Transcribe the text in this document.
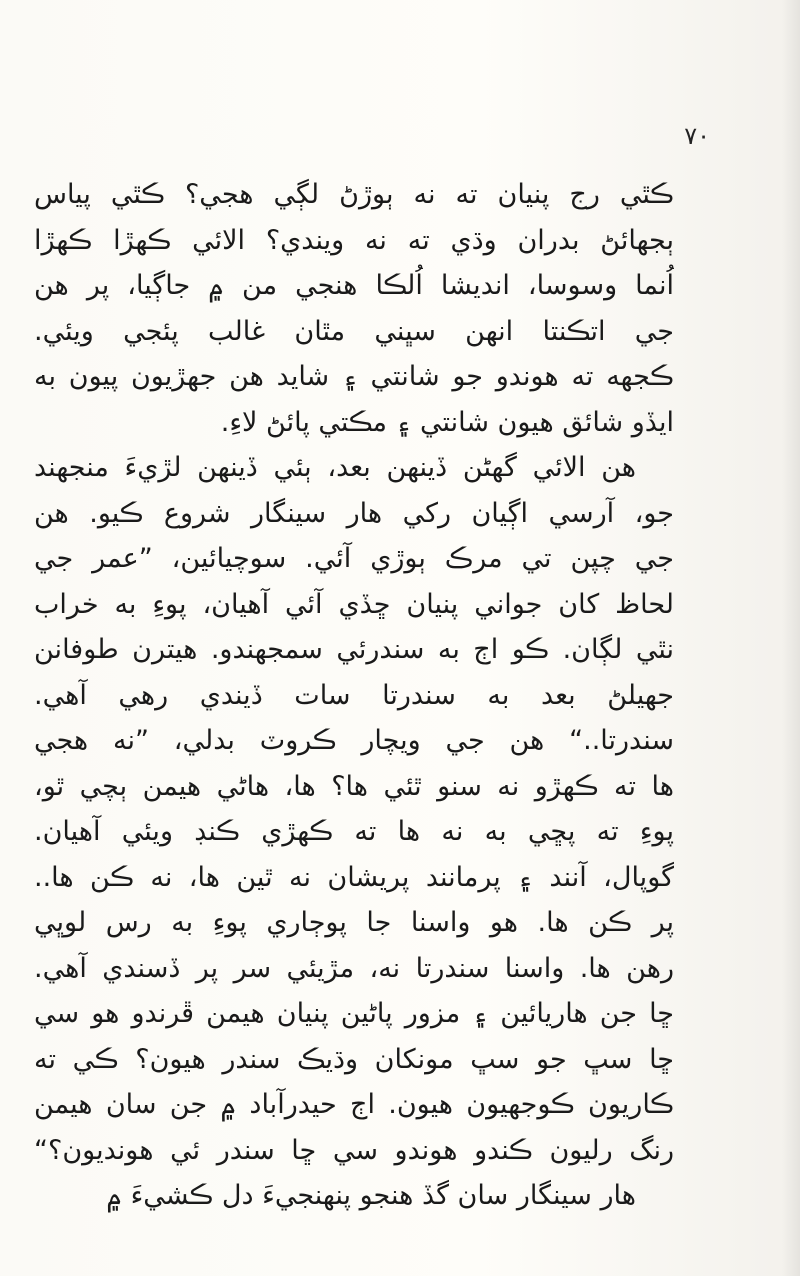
٧٠
ڪٿي رج پنيان ته نه ٻوڙڻ لڳي هجي؟ ڪٿي پياس
ٻجهائڻ بدران وڌي ته نه ويندي؟ الائي ڪهڙا ڪهڙا
اُنما وسوسا، انديشا اُلڪا هنجي من ۾ جاڳيا، پر هن
جي اتڪنتا انهن سڀني مٿان غالب پئجي ويئي.
ڪجهه ته هوندو جو شانتي ۽ شايد هن جهڙيون پيون به
ايڏو شائق هيون شانتي ۽ مڪتي پائڻ لاءِ.
هن الائي گهڻن ڏينهن بعد، ٻئي ڏينهن لڙيءَ منجهند
جو، آرسي اڳيان رکي هار سينگار شروع ڪيو. هن
جي چپن تي مرڪ ٻوڙي آئي. سوچيائين، ”عمر جي
لحاظ کان جواني پنيان ڇڏي آئي آهيان، پوءِ به خراب
نٿي لڳان. ڪو اڄ به سندرئي سمجهندو. هيترن طوفانن
جهيلڻ بعد به سندرتا سات ڏيندي رهي آهي.
سندرتا..“ هن جي ويچار ڪروٽ بدلي، ”نه هجي
ها ته ڪهڙو نه سنو ٿئي ها؟ ها، هاڻي هيمن ٻچي ٿو،
پوءِ ته پڇي به نه ها ته ڪهڙي ڪنڊ ويئي آهيان.
گوپال، آنند ۽ پرمانند پريشان نه ٿين ها، نه ڪن ها..
پر ڪن ها. هو واسنا جا پوڄاري پوءِ به رس لوڀي
رهن ها. واسنا سندرتا نه، مڙيئي سر پر ڏسندي آهي.
ڇا جن هاريائين ۽ مزور پاڻين پنيان هيمن ڦرندو هو سي
ڇا سڀ جو سڀ مونکان وڌيڪ سندر هيون؟ ڪي ته
ڪاريون ڪوجهيون هيون. اڄ حيدرآباد ۾ جن سان هيمن
رنگ رليون ڪندو هوندو سي ڇا سندر ئي هونديون؟“
هار سينگار سان گڏ هنجو پنهنجيءَ دل ڪشيءَ ۾
